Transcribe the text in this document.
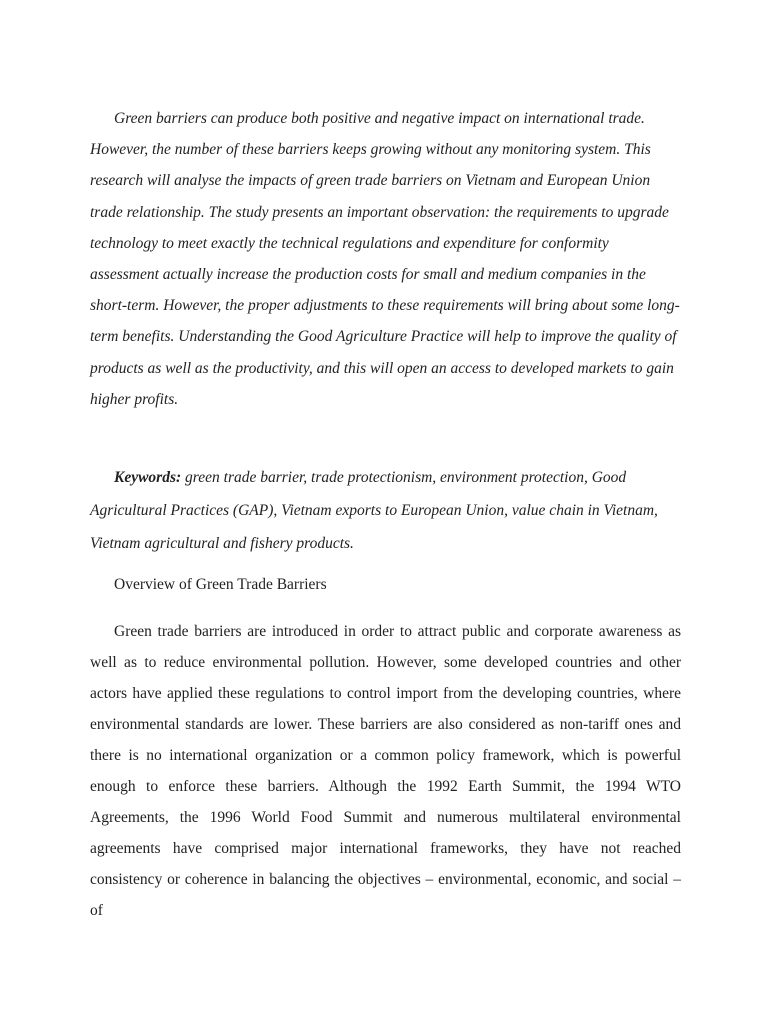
Green barriers can produce both positive and negative impact on international trade. However, the number of these barriers keeps growing without any monitoring system. This research will analyse the impacts of green trade barriers on Vietnam and European Union trade relationship. The study presents an important observation: the requirements to upgrade technology to meet exactly the technical regulations and expenditure for conformity assessment actually increase the production costs for small and medium companies in the short-term. However, the proper adjustments to these requirements will bring about some long-term benefits. Understanding the Good Agriculture Practice will help to improve the quality of products as well as the productivity, and this will open an access to developed markets to gain higher profits.

Keywords: green trade barrier, trade protectionism, environment protection, Good Agricultural Practices (GAP), Vietnam exports to European Union, value chain in Vietnam, Vietnam agricultural and fishery products.

Overview of Green Trade Barriers

Green trade barriers are introduced in order to attract public and corporate awareness as well as to reduce environmental pollution. However, some developed countries and other actors have applied these regulations to control import from the developing countries, where environmental standards are lower. These barriers are also considered as non-tariff ones and there is no international organization or a common policy framework, which is powerful enough to enforce these barriers. Although the 1992 Earth Summit, the 1994 WTO Agreements, the 1996 World Food Summit and numerous multilateral environmental agreements have comprised major international frameworks, they have not reached consistency or coherence in balancing the objectives – environmental, economic, and social – of
